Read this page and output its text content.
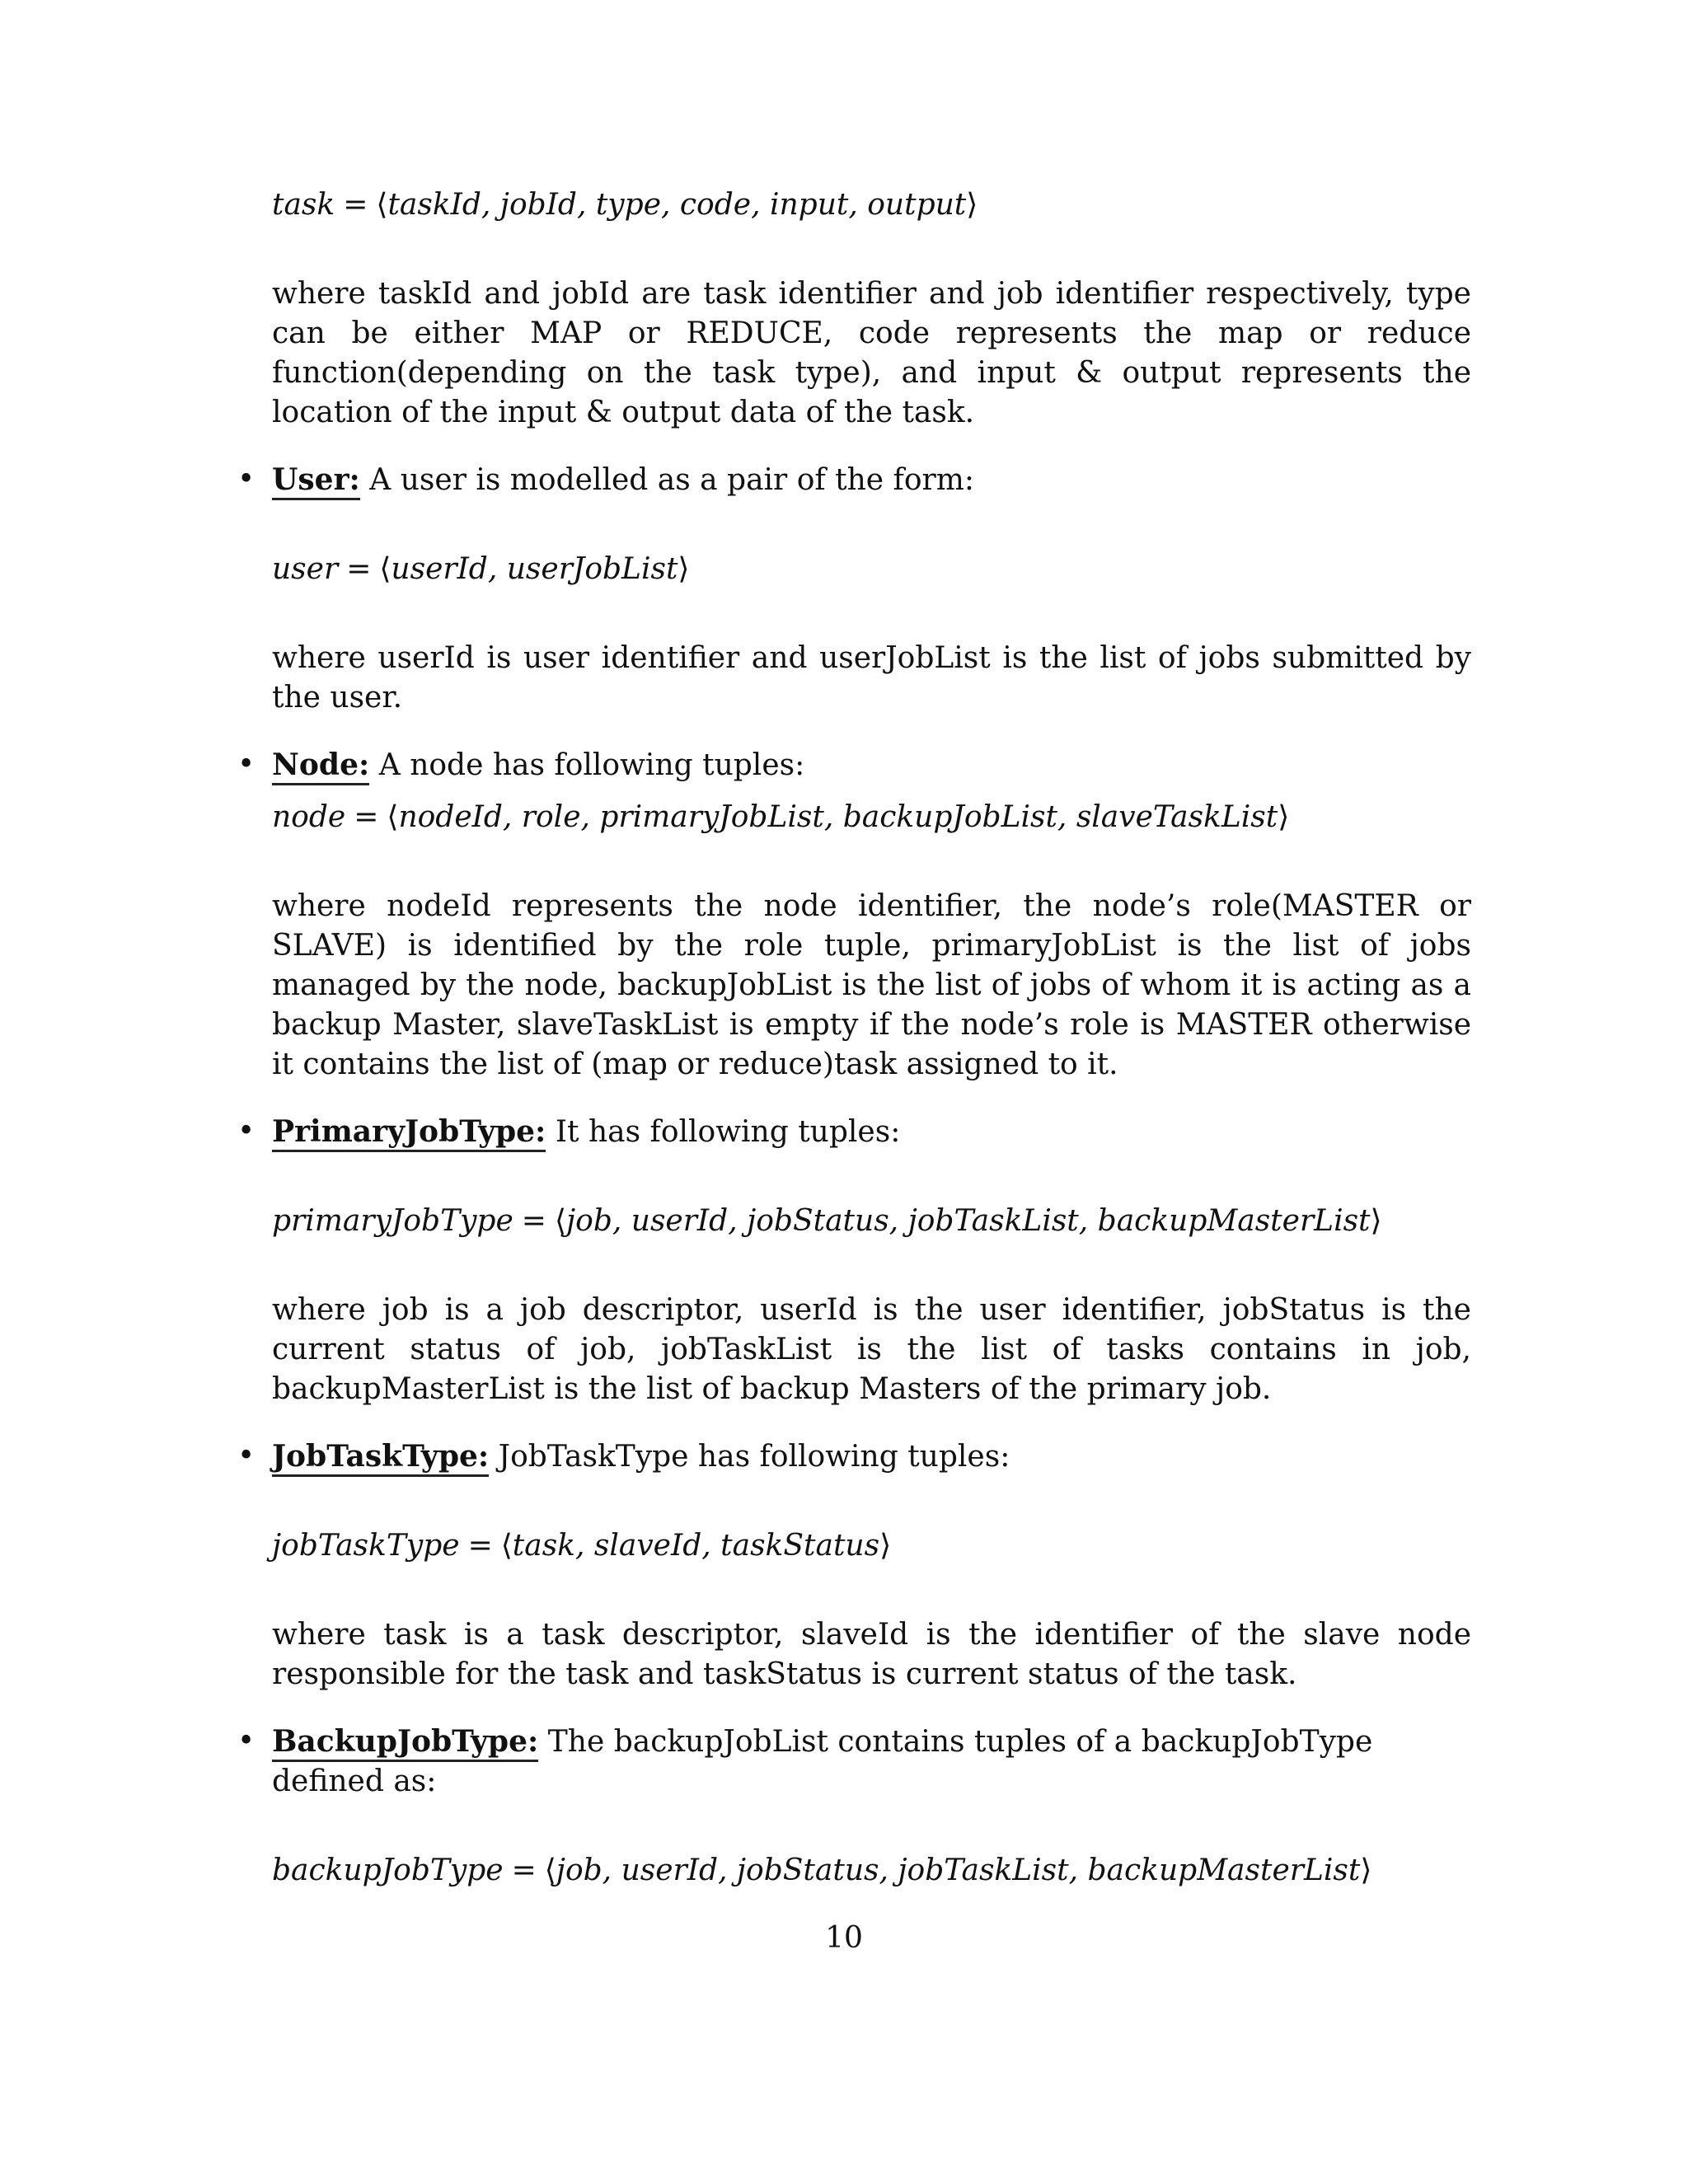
task = ⟨taskId, jobId, type, code, input, output⟩
where taskId and jobId are task identifier and job identifier respectively, type can be either MAP or REDUCE, code represents the map or reduce function(depending on the task type), and input & output represents the location of the input & output data of the task.
• User: A user is modelled as a pair of the form:
user = ⟨userId, userJobList⟩
where userId is user identifier and userJobList is the list of jobs submitted by the user.
• Node: A node has following tuples:
node = ⟨nodeId, role, primaryJobList, backupJobList, slaveTaskList⟩
where nodeId represents the node identifier, the node’s role(MASTER or SLAVE) is identified by the role tuple, primaryJobList is the list of jobs managed by the node, backupJobList is the list of jobs of whom it is acting as a backup Master, slaveTaskList is empty if the node’s role is MASTER otherwise it contains the list of (map or reduce)task assigned to it.
• PrimaryJobType: It has following tuples:
primaryJobType = ⟨job, userId, jobStatus, jobTaskList, backupMasterList⟩
where job is a job descriptor, userId is the user identifier, jobStatus is the current status of job, jobTaskList is the list of tasks contains in job, backupMasterList is the list of backup Masters of the primary job.
• JobTaskType: JobTaskType has following tuples:
jobTaskType = ⟨task, slaveId, taskStatus⟩
where task is a task descriptor, slaveId is the identifier of the slave node responsible for the task and taskStatus is current status of the task.
• BackupJobType: The backupJobList contains tuples of a backupJobType defined as:
backupJobType = ⟨job, userId, jobStatus, jobTaskList, backupMasterList⟩
10
